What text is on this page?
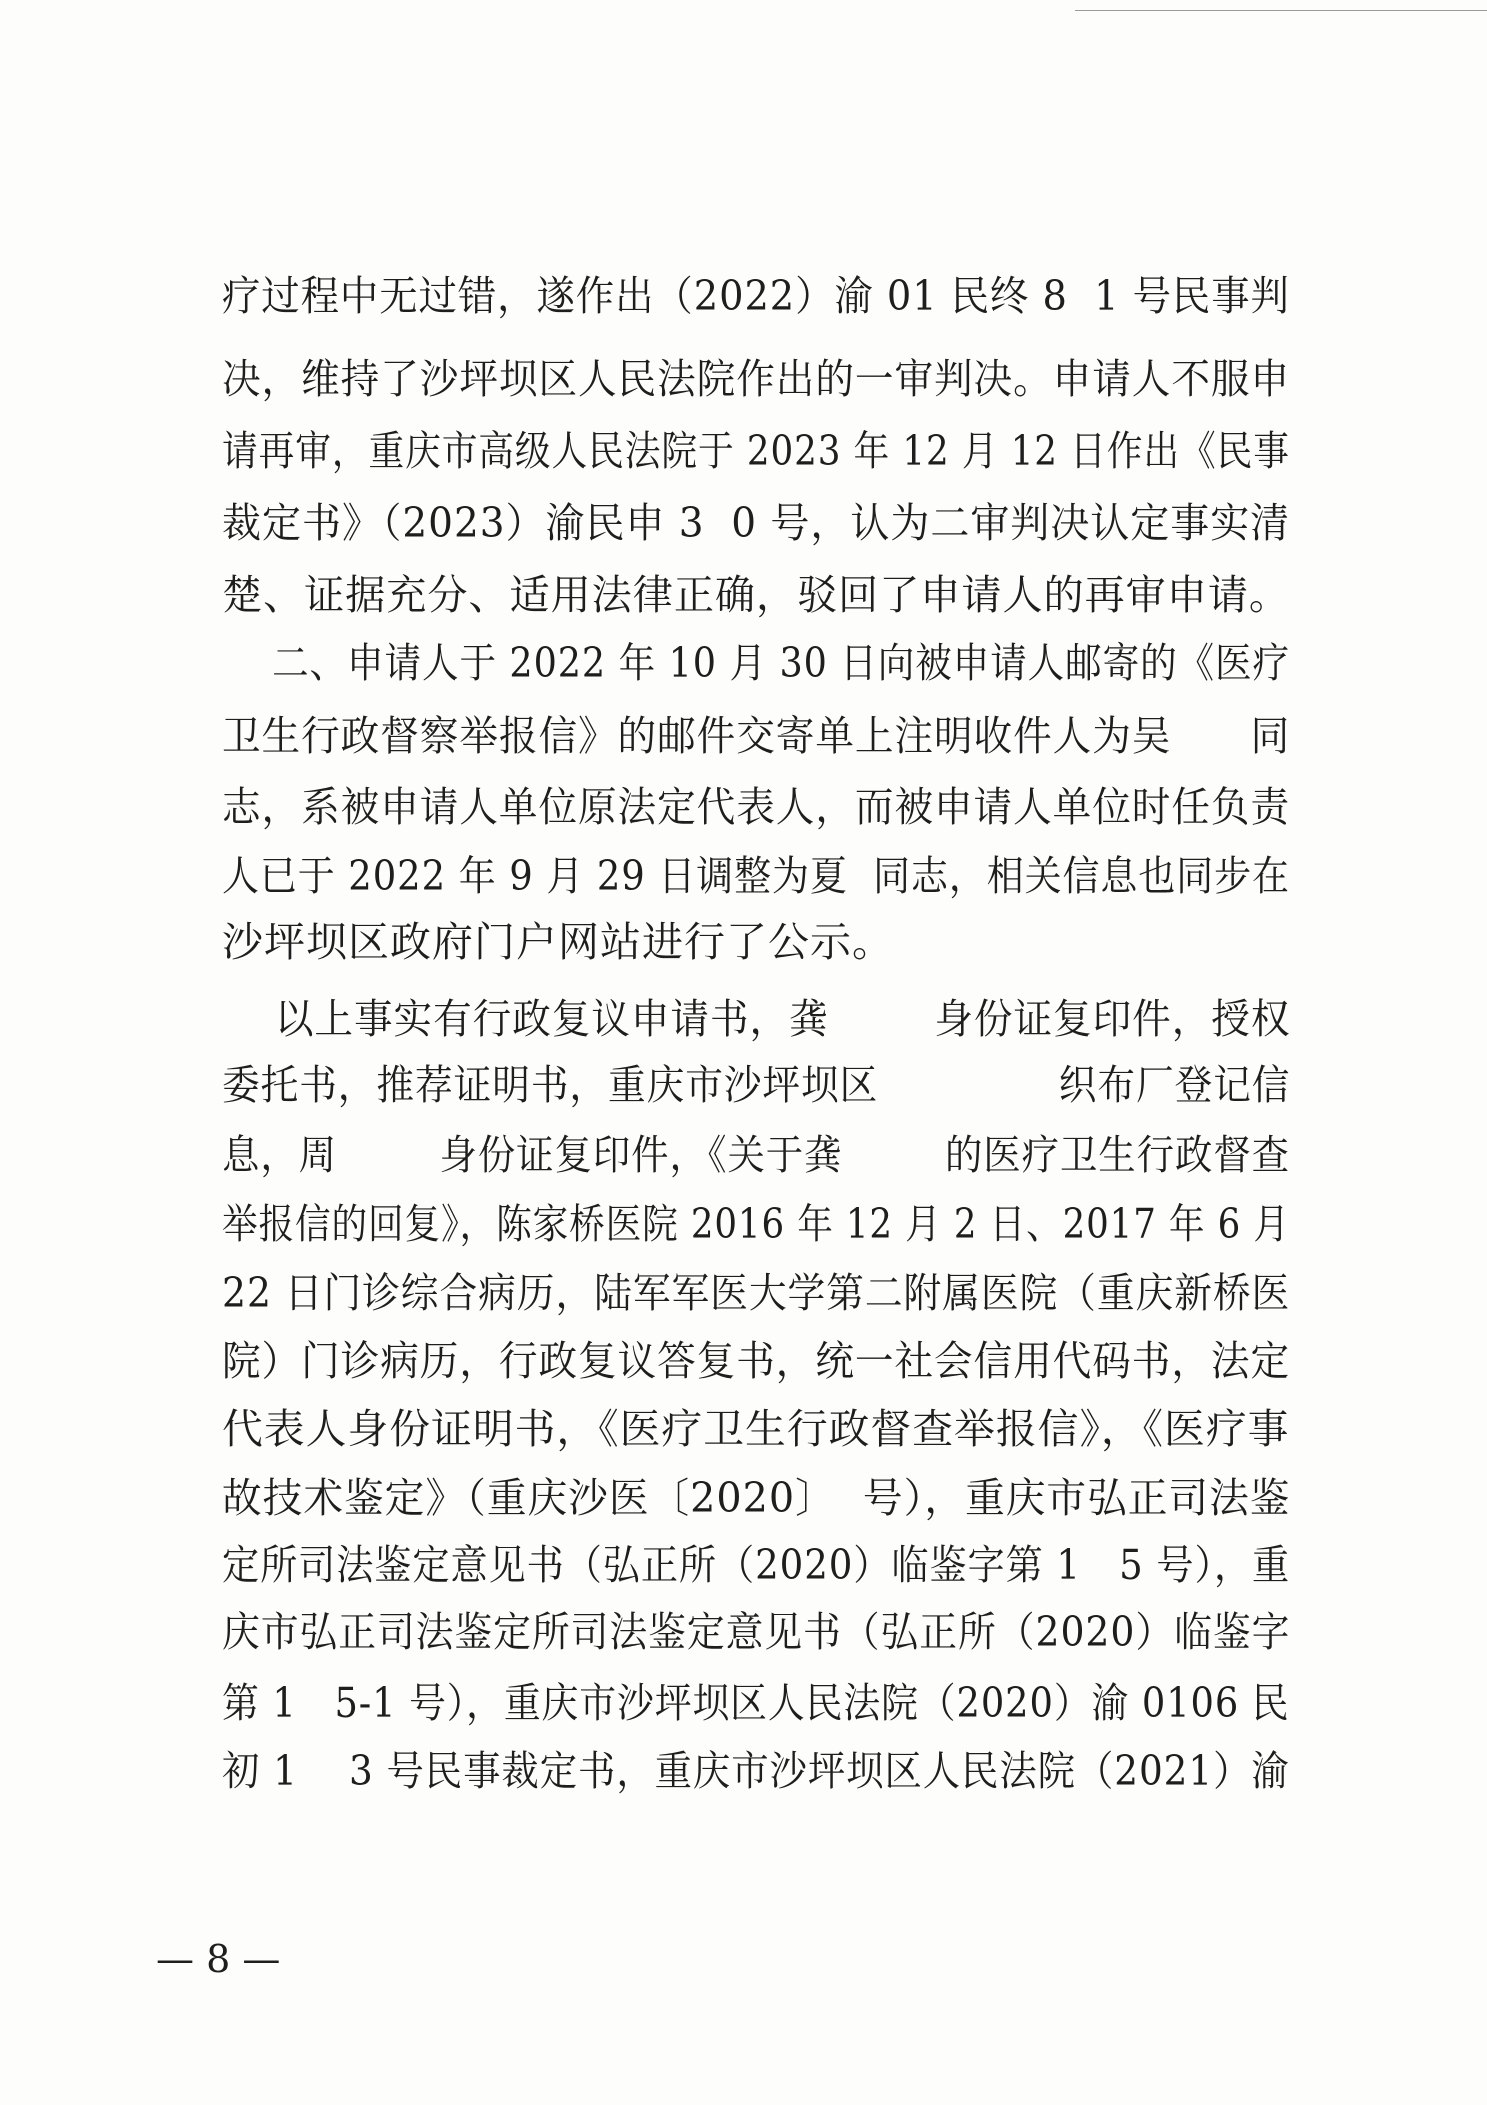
疗过程中无过错，遂作出（2022）渝 01 民终 8  1 号民事判
决，维持了沙坪坝区人民法院作出的一审判决。申请人不服申
请再审，重庆市高级人民法院于 2023 年 12 月 12 日作出《民事
裁定书》（2023）渝民申 3  0 号，认为二审判决认定事实清
楚、证据充分、适用法律正确，驳回了申请人的再审申请。
二、申请人于 2022 年 10 月 30 日向被申请人邮寄的《医疗
卫生行政督察举报信》的邮件交寄单上注明收件人为吴      同
志，系被申请人单位原法定代表人，而被申请人单位时任负责
人已于 2022 年 9 月 29 日调整为夏  同志，相关信息也同步在
沙坪坝区政府门户网站进行了公示。
以上事实有行政复议申请书，龚        身份证复印件，授权
委托书，推荐证明书，重庆市沙坪坝区              织布厂登记信
息，周        身份证复印件，《关于龚        的医疗卫生行政督查
举报信的回复》，陈家桥医院 2016 年 12 月 2 日、2017 年 6 月
22 日门诊综合病历，陆军军医大学第二附属医院（重庆新桥医
院）门诊病历，行政复议答复书，统一社会信用代码书，法定
代表人身份证明书，《医疗卫生行政督查举报信》，《医疗事
故技术鉴定》（重庆沙医〔2020〕  号），重庆市弘正司法鉴
定所司法鉴定意见书（弘正所（2020）临鉴字第 1   5 号），重
庆市弘正司法鉴定所司法鉴定意见书（弘正所（2020）临鉴字
第 1   5-1 号），重庆市沙坪坝区人民法院（2020）渝 0106 民
初 1    3 号民事裁定书，重庆市沙坪坝区人民法院（2021）渝
— 8 —
